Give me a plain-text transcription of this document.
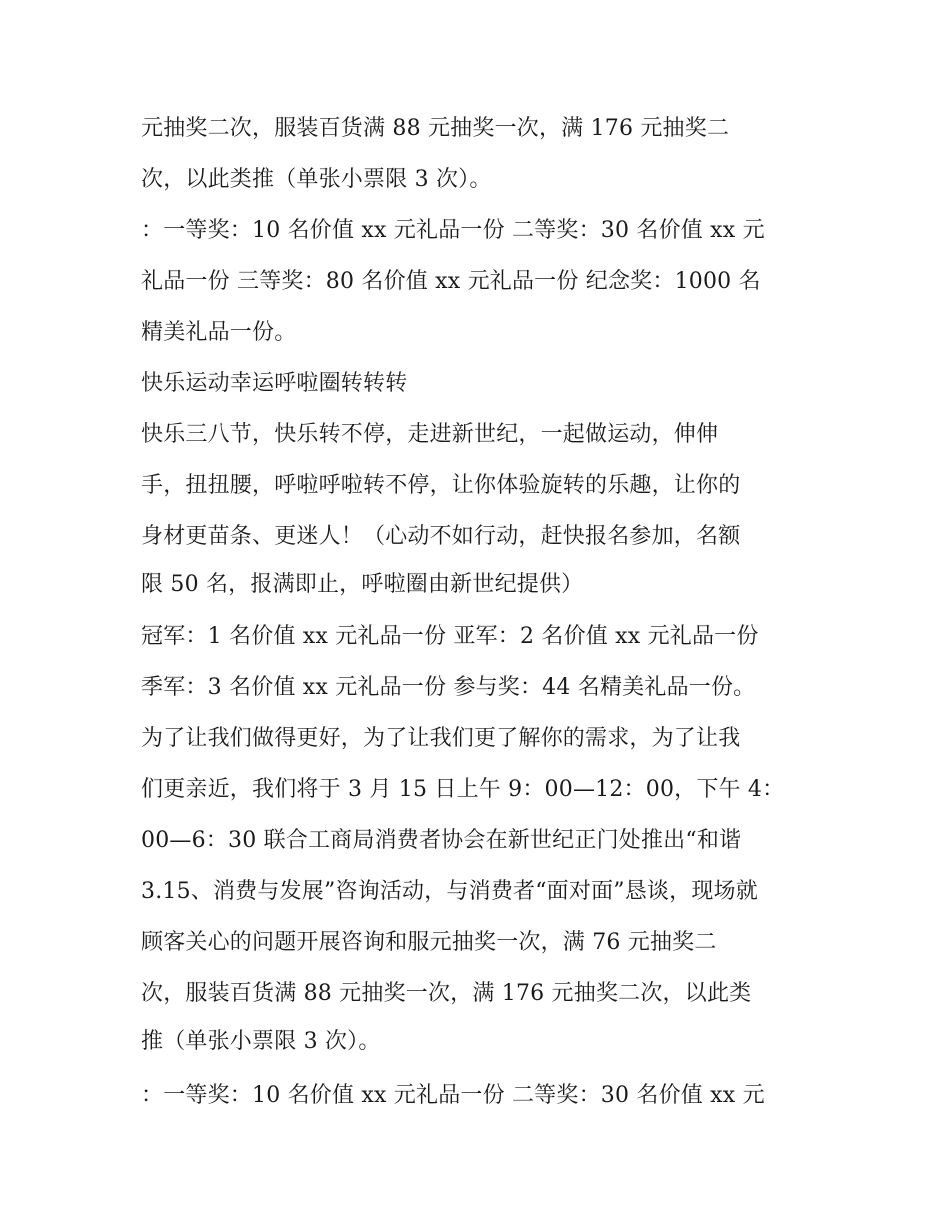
元抽奖二次，服装百货满 88 元抽奖一次，满 176 元抽奖二
次，以此类推（单张小票限 3 次）。
：一等奖：10 名价值 xx 元礼品一份 二等奖：30 名价值 xx 元
礼品一份 三等奖：80 名价值 xx 元礼品一份 纪念奖：1000 名
精美礼品一份。
快乐运动幸运呼啦圈转转转
快乐三八节，快乐转不停，走进新世纪，一起做运动，伸伸
手，扭扭腰，呼啦呼啦转不停，让你体验旋转的乐趣，让你的
身材更苗条、更迷人！（心动不如行动，赶快报名参加，名额
限 50 名，报满即止，呼啦圈由新世纪提供）
冠军：1 名价值 xx 元礼品一份 亚军：2 名价值 xx 元礼品一份
季军：3 名价值 xx 元礼品一份 参与奖：44 名精美礼品一份。
为了让我们做得更好，为了让我们更了解你的需求，为了让我
们更亲近，我们将于 3 月 15 日上午 9：00—12：00，下午 4：
00—6：30 联合工商局消费者协会在新世纪正门处推出“和谐
3.15、消费与发展”咨询活动，与消费者“面对面”恳谈，现场就
顾客关心的问题开展咨询和服元抽奖一次，满 76 元抽奖二
次，服装百货满 88 元抽奖一次，满 176 元抽奖二次，以此类
推（单张小票限 3 次）。
：一等奖：10 名价值 xx 元礼品一份 二等奖：30 名价值 xx 元
